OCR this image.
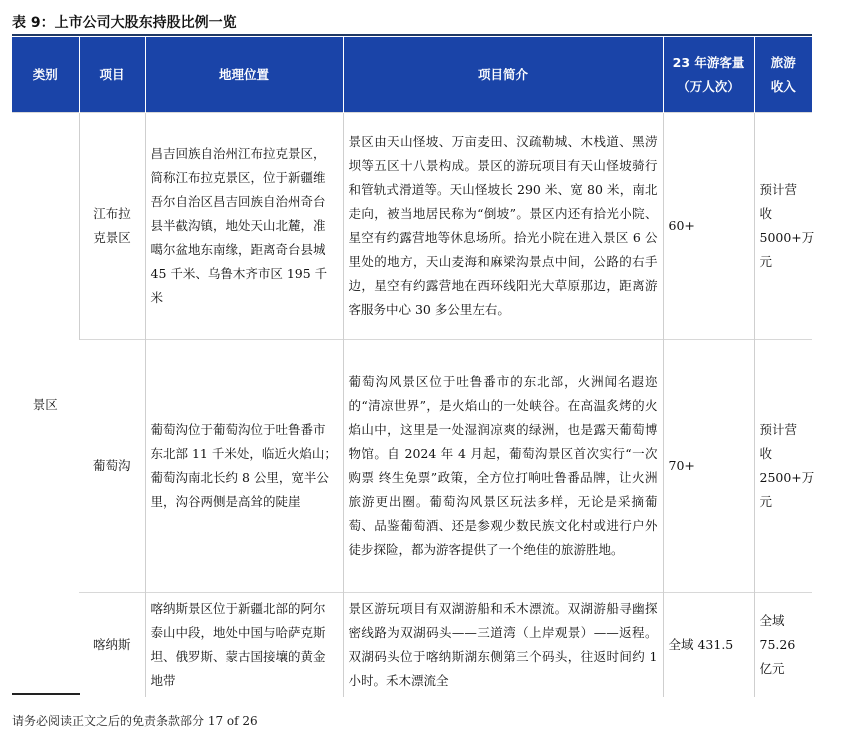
表 9：上市公司大股东持股比例一览
类别	项目	地理位置	项目简介	23 年游客量（万人次）	旅游收入
景区	江布拉克景区	昌吉回族自治州江布拉克景区，简称江布拉克景区，位于新疆维吾尔自治区昌吉回族自治州奇台县半截沟镇，地处天山北麓，准噶尔盆地东南缘，距离奇台县城 45 千米、乌鲁木齐市区 195 千米	景区由天山怪坡、万亩麦田、汉疏勒城、木栈道、黑涝坝等五区十八景构成。景区的游玩项目有天山怪坡骑行和管轨式滑道等。天山怪坡长 290 米、宽 80 米，南北走向，被当地居民称为“倒坡”。景区内还有拾光小院、星空有约露营地等休息场所。拾光小院在进入景区 6 公里处的地方，天山麦海和麻梁沟景点中间，公路的右手边，星空有约露营地在西环线阳光大草原那边，距离游客服务中心 30 多公里左右。	60+	预计营收5000+万元
	葡萄沟	葡萄沟位于葡萄沟位于吐鲁番市东北部 11 千米处，临近火焰山；葡萄沟南北长约 8 公里，宽半公里，沟谷两侧是高耸的陡崖	葡萄沟风景区位于吐鲁番市的东北部，火洲闻名遐迩的“清凉世界”，是火焰山的一处峡谷。在高温炙烤的火焰山中，这里是一处湿润凉爽的绿洲，也是露天葡萄博物馆。自 2024 年 4 月起，葡萄沟景区首次实行“一次购票 终生免票”政策，全方位打响吐鲁番品牌，让火洲旅游更出圈。葡萄沟风景区玩法多样，无论是采摘葡萄、品鉴葡萄酒、还是参观少数民族文化村或进行户外徒步探险，都为游客提供了一个绝佳的旅游胜地。	70+	预计营收2500+万元
	喀纳斯	喀纳斯景区位于新疆北部的阿尔泰山中段，地处中国与哈萨克斯坦、俄罗斯、蒙古国接壤的黄金地带	景区游玩项目有双湖游船和禾木漂流。双湖游船寻幽探密线路为双湖码头——三道湾（上岸观景）——返程。双湖码头位于喀纳斯湖东侧第三个码头，往返时间约 1 小时。禾木漂流全	全域 431.5	全域75.26亿元
请务必阅读正文之后的免责条款部分 17 of 26
